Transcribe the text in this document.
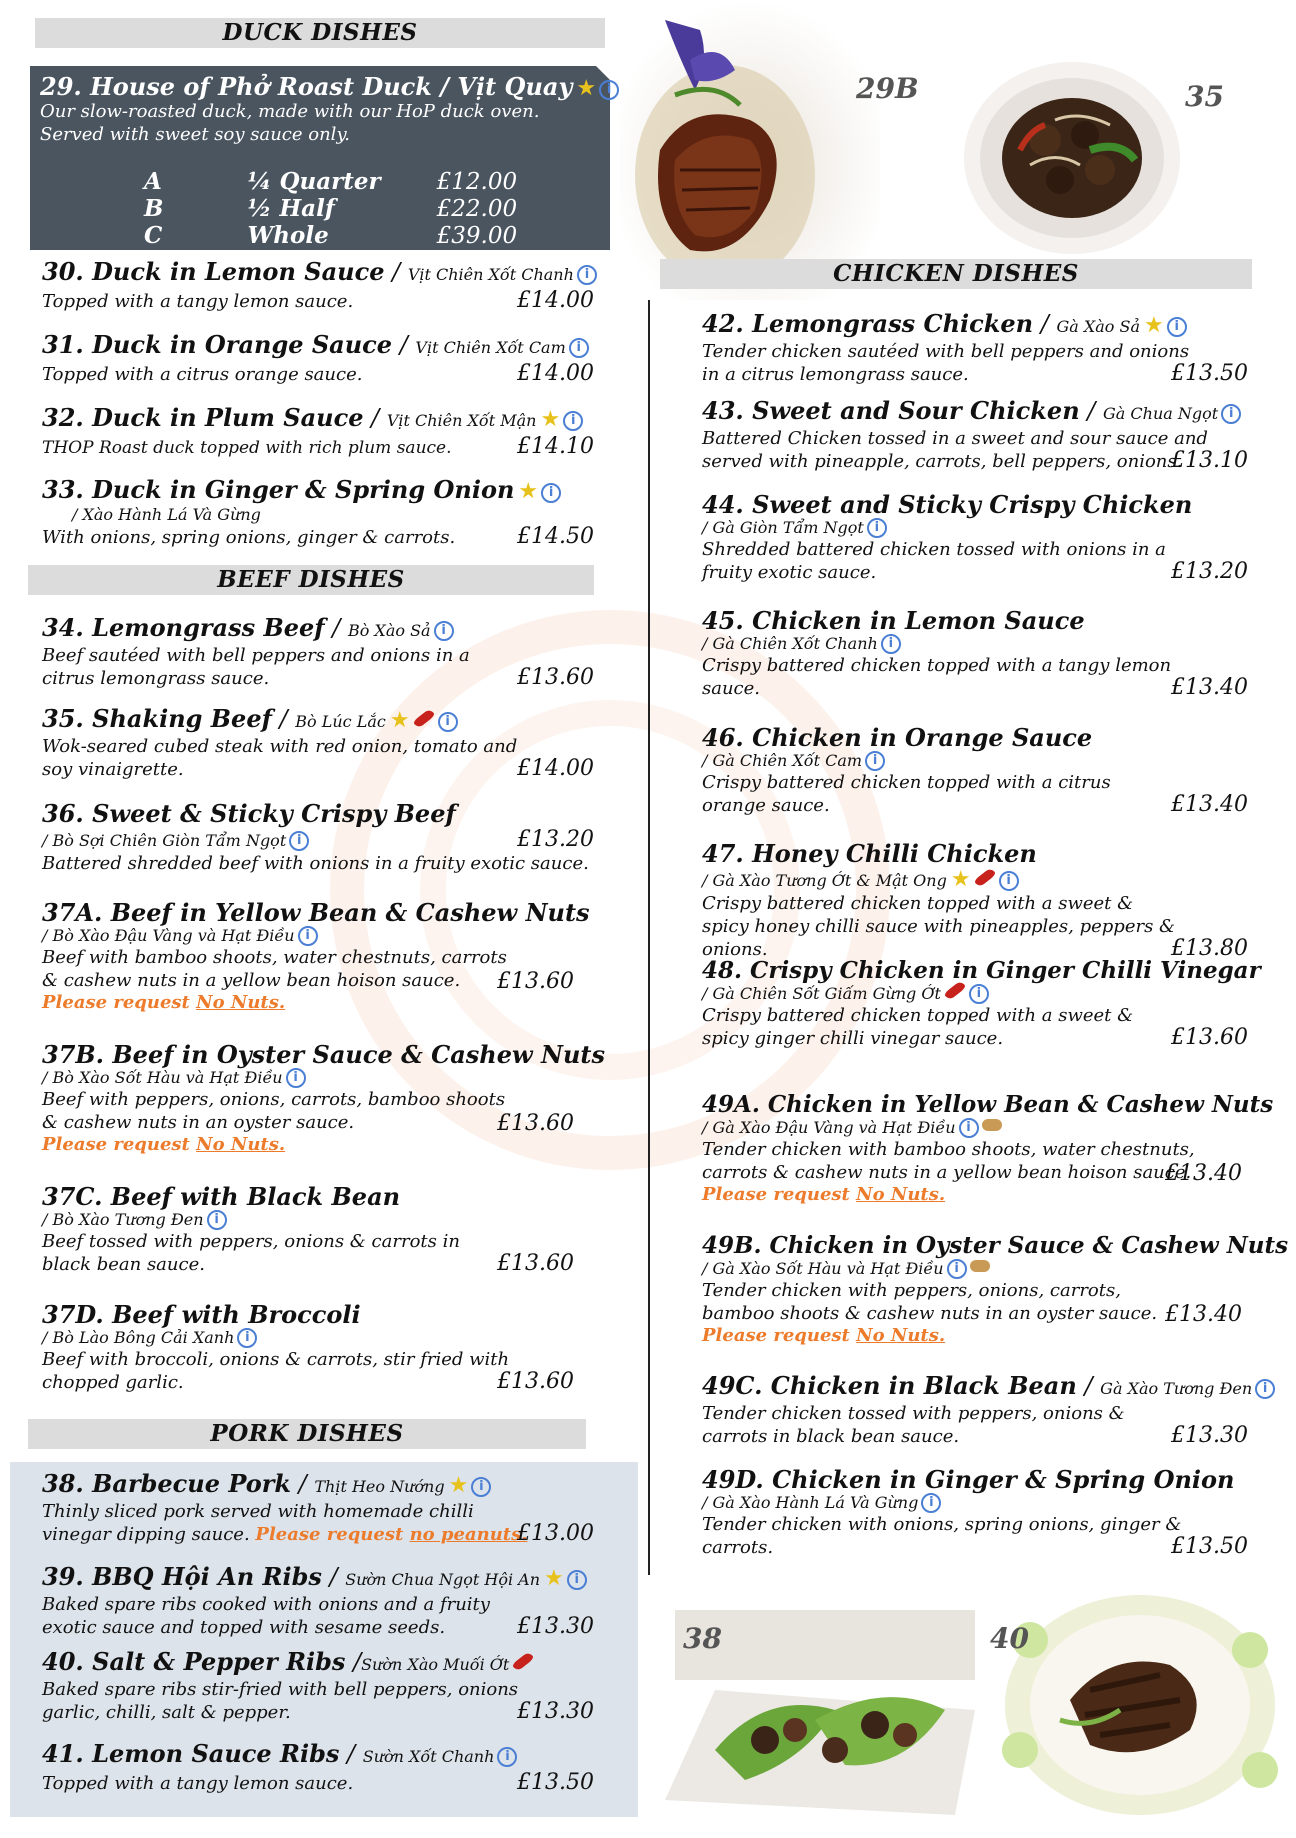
DUCK DISHES
29. House of Phở Roast Duck / Vịt Quay ★ i
Our slow-roasted duck, made with our HoP duck oven. Served with sweet soy sauce only.
A	¼ Quarter	£12.00
B	½ Half	£22.00
C	Whole	£39.00
30. Duck in Lemon Sauce / Vịt Chiên Xốt Chanh i
Topped with a tangy lemon sauce.	£14.00
31. Duck in Orange Sauce / Vịt Chiên Xốt Cam i
Topped with a citrus orange sauce.	£14.00
32. Duck in Plum Sauce / Vịt Chiên Xốt Mận ★ i
THOP Roast duck topped with rich plum sauce.	£14.10
33. Duck in Ginger & Spring Onion ★ i
/ Xào Hành Lá Và Gừng
With onions, spring onions, ginger & carrots.	£14.50
BEEF DISHES
34. Lemongrass Beef / Bò Xào Sả i
Beef sautéed with bell peppers and onions in a citrus lemongrass sauce.	£13.60
35. Shaking Beef / Bò Lúc Lắc ★	i
Wok-seared cubed steak with red onion, tomato and soy vinaigrette.	£14.00
36. Sweet & Sticky Crispy Beef
/ Bò Sợi Chiên Giòn Tẩm Ngọt i	£13.20
Battered shredded beef with onions in a fruity exotic sauce.
37A. Beef in Yellow Bean & Cashew Nuts
/ Bò Xào Đậu Vàng và Hạt Điều i
Beef with bamboo shoots, water chestnuts, carrots & cashew nuts in a yellow bean hoison sauce.
Please request No Nuts.
£13.60
37B. Beef in Oyster Sauce & Cashew Nuts
/ Bò Xào Sốt Hàu và Hạt Điều i
Beef with peppers, onions, carrots, bamboo shoots & cashew nuts in an oyster sauce.
Please request No Nuts.
£13.60
37C. Beef with Black Bean
/ Bò Xào Tương Đen i
Beef tossed with peppers, onions & carrots in black bean sauce.	£13.60
37D. Beef with Broccoli
/ Bò Lào Bông Cải Xanh i
Beef with broccoli, onions & carrots, stir fried with chopped garlic.	£13.60
PORK DISHES
38. Barbecue Pork / Thịt Heo Nướng ★ i
Thinly sliced pork served with homemade chilli vinegar dipping sauce. Please request no peanuts.
£13.00
39. BBQ Hội An Ribs / Sườn Chua Ngọt Hội An ★ i
Baked spare ribs cooked with onions and a fruity exotic sauce and topped with sesame seeds.	£13.30
40. Salt & Pepper Ribs /Sườn Xào Muối Ớt
Baked spare ribs stir-fried with bell peppers, onions garlic, chilli, salt & pepper.	£13.30
41. Lemon Sauce Ribs / Sườn Xốt Chanh i
Topped with a tangy lemon sauce.	£13.50
29B	35
CHICKEN DISHES
42. Lemongrass Chicken / Gà Xào Sả ★ i
Tender chicken sautéed with bell peppers and onions in a citrus lemongrass sauce.	£13.50
43. Sweet and Sour Chicken / Gà Chua Ngọt i
Battered Chicken tossed in a sweet and sour sauce and served with pineapple, carrots, bell peppers, onions.
£13.10
44. Sweet and Sticky Crispy Chicken
/ Gà Giòn Tẩm Ngọt i
Shredded battered chicken tossed with onions in a fruity exotic sauce.	£13.20
45. Chicken in Lemon Sauce
/ Gà Chiên Xốt Chanh i
Crispy battered chicken topped with a tangy lemon sauce.	£13.40
46. Chicken in Orange Sauce
/ Gà Chiên Xốt Cam i
Crispy battered chicken topped with a citrus orange sauce.	£13.40
47. Honey Chilli Chicken
/ Gà Xào Tương Ớt & Mật Ong ★	i
Crispy battered chicken topped with a sweet & spicy honey chilli sauce with pineapples, peppers & onions.	£13.80
48. Crispy Chicken in Ginger Chilli Vinegar
/ Gà Chiên Sốt Giấm Gừng Ớt	i
Crispy battered chicken topped with a sweet & spicy ginger chilli vinegar sauce.	£13.60
49A. Chicken in Yellow Bean & Cashew Nuts
/ Gà Xào Đậu Vàng và Hạt Điều i
Tender chicken with bamboo shoots, water chestnuts, carrots & cashew nuts in a yellow bean hoison sauce.
Please request No Nuts.
£13.40
49B. Chicken in Oyster Sauce & Cashew Nuts
/ Gà Xào Sốt Hàu và Hạt Điều i
Tender chicken with peppers, onions, carrots, bamboo shoots & cashew nuts in an oyster sauce.
Please request No Nuts.
£13.40
49C. Chicken in Black Bean / Gà Xào Tương Đen i
Tender chicken tossed with peppers, onions & carrots in black bean sauce.	£13.30
49D. Chicken in Ginger & Spring Onion
/ Gà Xào Hành Lá Và Gừng i
Tender chicken with onions, spring onions, ginger & carrots.	£13.50
38	40
